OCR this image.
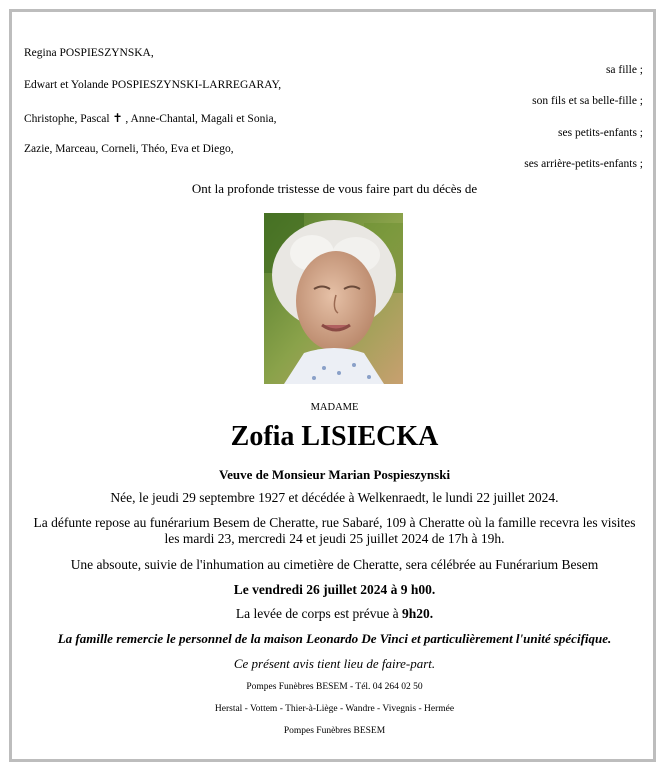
Regina POSPIESZYNSKA,
sa fille ;
Edwart et Yolande POSPIESZYNSKI-LARREGARAY,
son fils et sa belle-fille ;
Christophe, Pascal ✝ , Anne-Chantal, Magali et Sonia,
ses petits-enfants ;
Zazie, Marceau, Corneli, Théo, Eva et Diego,
ses arrière-petits-enfants ;
Ont la profonde tristesse de vous faire part du décès de
MADAME
Zofia LISIECKA
Veuve de Monsieur Marian Pospieszynski
Née, le jeudi 29 septembre 1927 et décédée à Welkenraedt, le lundi 22 juillet 2024.
La défunte repose au funérarium Besem de Cheratte, rue Sabaré, 109 à Cheratte où la famille recevra les visites
les mardi 23, mercredi 24 et jeudi 25 juillet 2024 de 17h à 19h.
Une absoute, suivie de l'inhumation au cimetière de Cheratte, sera célébrée au Funérarium Besem
Le vendredi 26 juillet 2024 à 9 h00.
La levée de corps est prévue à 9h20.
La famille remercie le personnel de la maison Leonardo De Vinci et particulièrement l'unité spécifique.
Ce présent avis tient lieu de faire-part.
Pompes Funèbres BESEM - Tél. 04 264 02 50
Herstal - Vottem - Thier-à-Liège - Wandre - Vivegnis - Hermée
Pompes Funèbres BESEM
